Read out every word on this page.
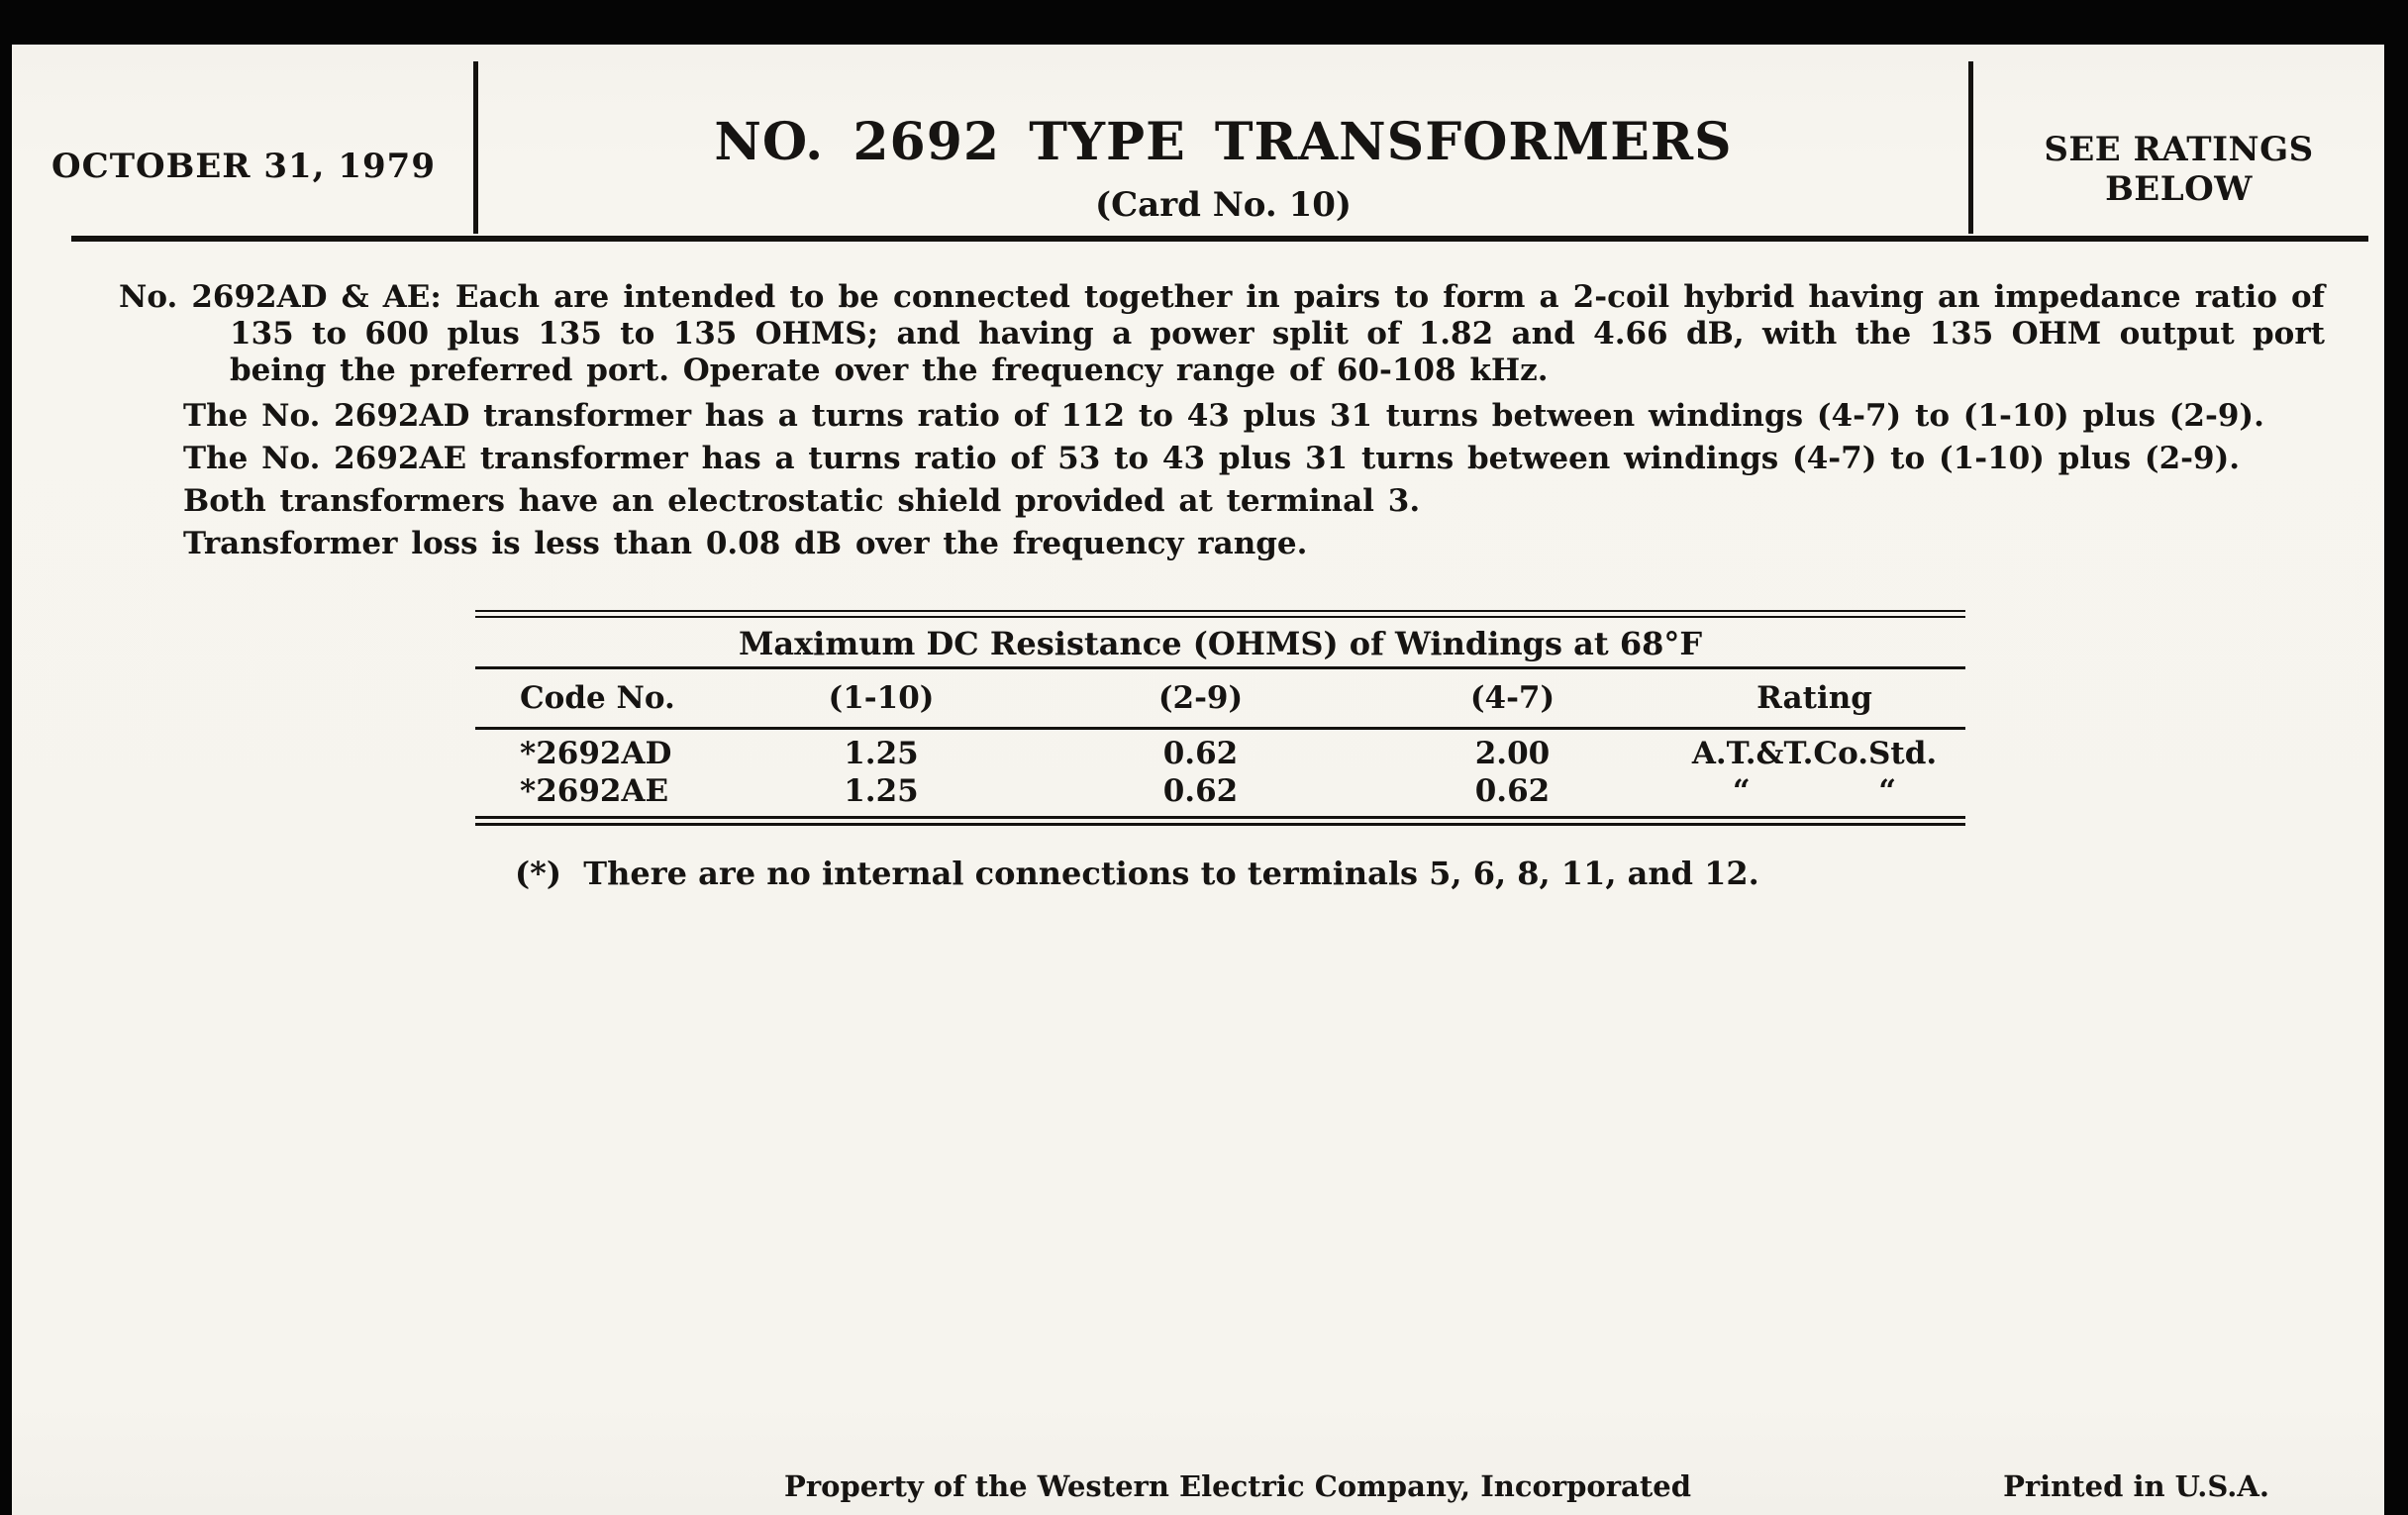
OCTOBER 31, 1979	NO. 2692 TYPE TRANSFORMERS
(Card No. 10)
SEE RATINGS
BELOW

No. 2692AD & AE: Each are intended to be connected together in pairs to form a 2-coil hybrid having an impedance ratio of 135 to 600 plus 135 to 135 OHMS; and having a power split of 1.82 and 4.66 dB, with the 135 OHM output port being the preferred port. Operate over the frequency range of 60-108 kHz.

The No. 2692AD transformer has a turns ratio of 112 to 43 plus 31 turns between windings (4-7) to (1-10) plus (2-9).

The No. 2692AE transformer has a turns ratio of 53 to 43 plus 31 turns between windings (4-7) to (1-10) plus (2-9).

Both transformers have an electrostatic shield provided at terminal 3.

Transformer loss is less than 0.08 dB over the frequency range.

Maximum DC Resistance (OHMS) of Windings at 68°F
Code No.	(1-10)	(2-9)	(4-7)	Rating
*2692AD	1.25	0.62	2.00	A.T.&T.Co.Std.
*2692AE	1.25	0.62	0.62	“            “

(*)  There are no internal connections to terminals 5, 6, 8, 11, and 12.

Property of the Western Electric Company, Incorporated	Printed in U.S.A.
